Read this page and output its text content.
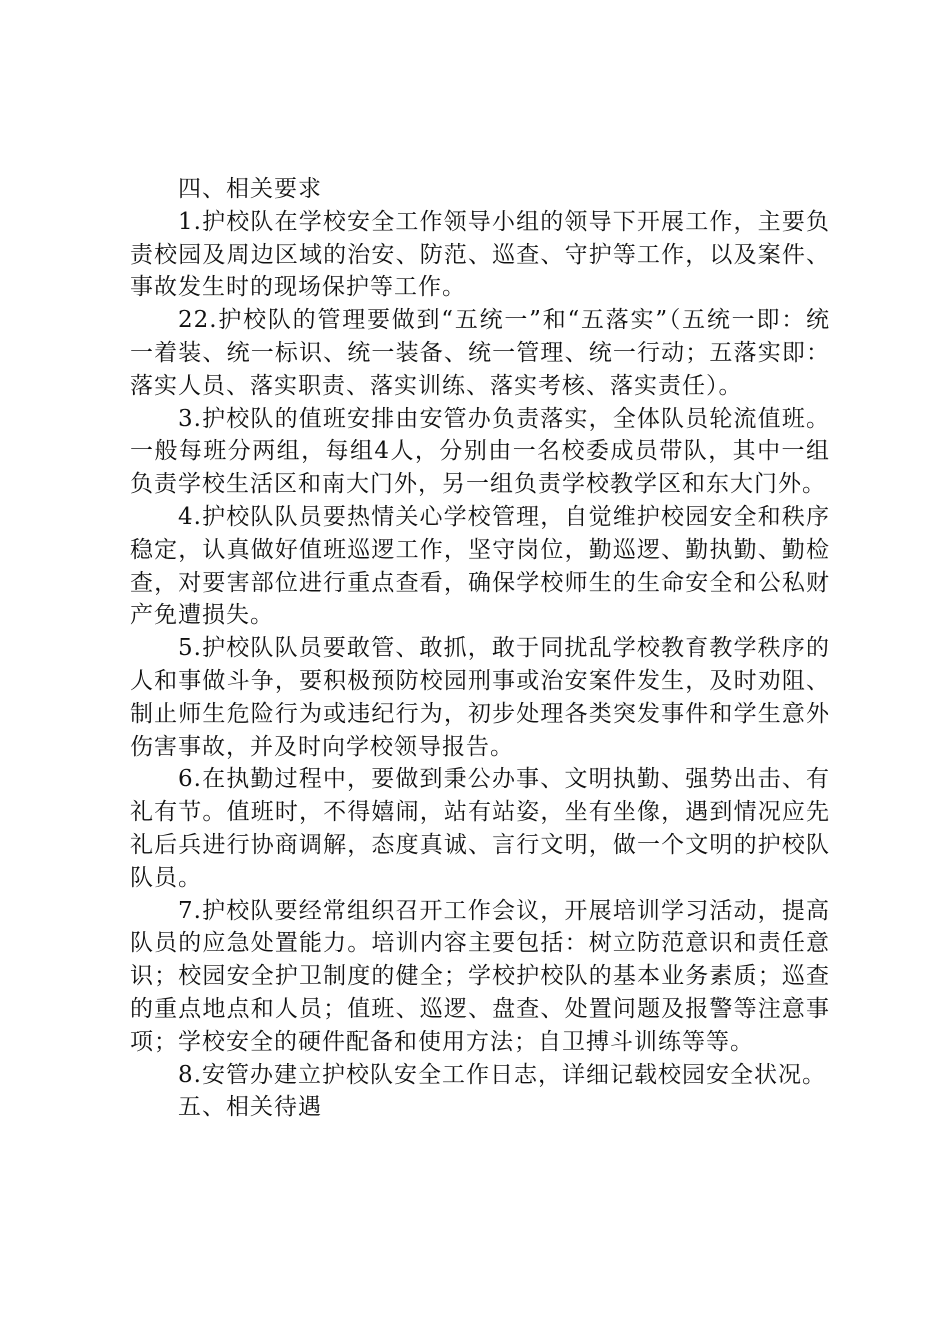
四、相关要求

1.护校队在学校安全工作领导小组的领导下开展工作，主要负责校园及周边区域的治安、防范、巡查、守护等工作，以及案件、事故发生时的现场保护等工作。

22.护校队的管理要做到“五统一”和“五落实”（五统一即：统一着装、统一标识、统一装备、统一管理、统一行动；五落实即：落实人员、落实职责、落实训练、落实考核、落实责任）。

3.护校队的值班安排由安管办负责落实，全体队员轮流值班。一般每班分两组，每组4人，分别由一名校委成员带队，其中一组负责学校生活区和南大门外，另一组负责学校教学区和东大门外。

4.护校队队员要热情关心学校管理，自觉维护校园安全和秩序稳定，认真做好值班巡逻工作，坚守岗位，勤巡逻、勤执勤、勤检查，对要害部位进行重点查看，确保学校师生的生命安全和公私财产免遭损失。

5.护校队队员要敢管、敢抓，敢于同扰乱学校教育教学秩序的人和事做斗争，要积极预防校园刑事或治安案件发生，及时劝阻、制止师生危险行为或违纪行为，初步处理各类突发事件和学生意外伤害事故，并及时向学校领导报告。

6.在执勤过程中，要做到秉公办事、文明执勤、强势出击、有礼有节。值班时，不得嬉闹，站有站姿，坐有坐像，遇到情况应先礼后兵进行协商调解，态度真诚、言行文明，做一个文明的护校队队员。

7.护校队要经常组织召开工作会议，开展培训学习活动，提高队员的应急处置能力。培训内容主要包括：树立防范意识和责任意识；校园安全护卫制度的健全；学校护校队的基本业务素质；巡查的重点地点和人员；值班、巡逻、盘查、处置问题及报警等注意事项；学校安全的硬件配备和使用方法；自卫搏斗训练等等。

8.安管办建立护校队安全工作日志，详细记载校园安全状况。

五、相关待遇
